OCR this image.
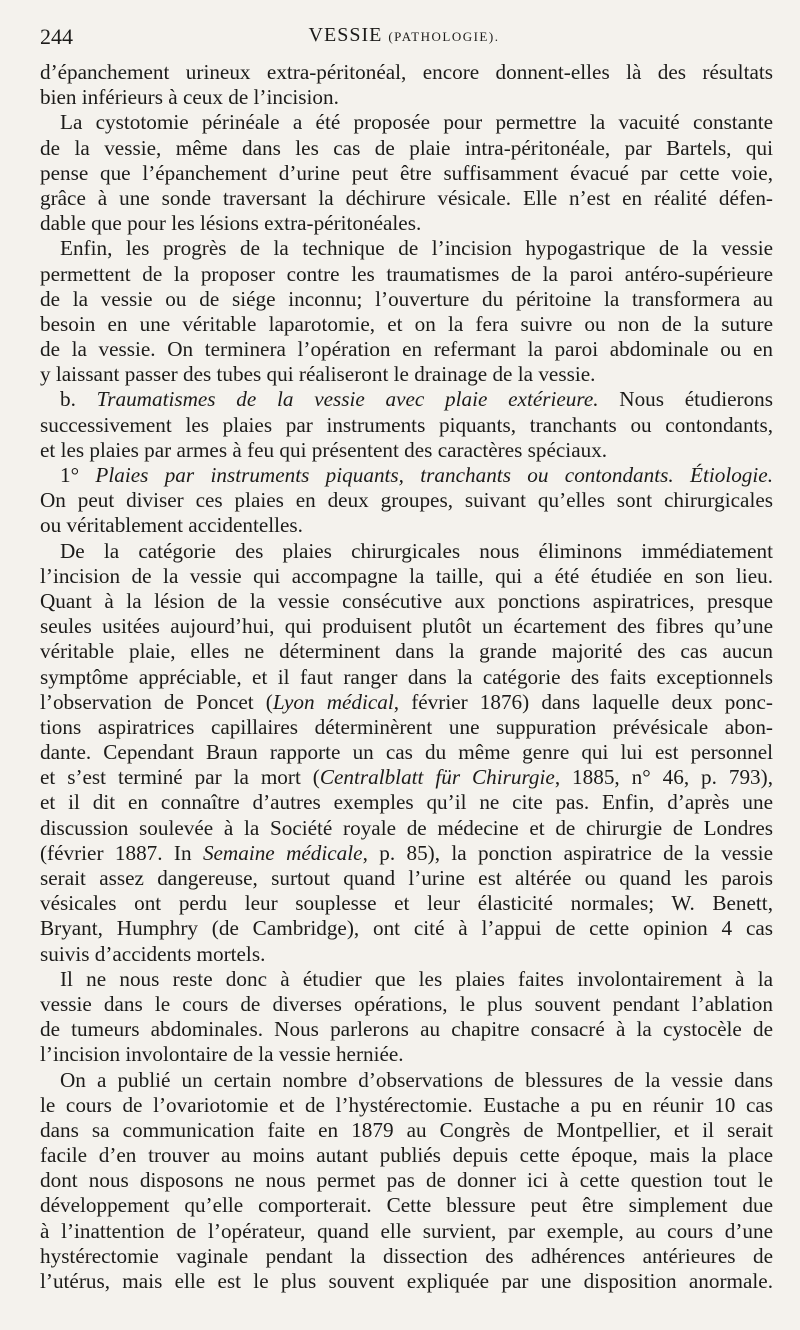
244	VESSIE (PATHOLOGIE).
d’épanchement urineux extra-péritonéal, encore donnent-elles là des résultats
bien inférieurs à ceux de l’incision.
La cystotomie périnéale a été proposée pour permettre la vacuité constante
de la vessie, même dans les cas de plaie intra-péritonéale, par Bartels, qui
pense que l’épanchement d’urine peut être suffisamment évacué par cette voie,
grâce à une sonde traversant la déchirure vésicale. Elle n’est en réalité défen-
dable que pour les lésions extra-péritonéales.
Enfin, les progrès de la technique de l’incision hypogastrique de la vessie
permettent de la proposer contre les traumatismes de la paroi antéro-supérieure
de la vessie ou de siége inconnu; l’ouverture du péritoine la transformera au
besoin en une véritable laparotomie, et on la fera suivre ou non de la suture
de la vessie. On terminera l’opération en refermant la paroi abdominale ou en
y laissant passer des tubes qui réaliseront le drainage de la vessie.
b. Traumatismes de la vessie avec plaie extérieure. Nous étudierons
successivement les plaies par instruments piquants, tranchants ou contondants,
et les plaies par armes à feu qui présentent des caractères spéciaux.
1° Plaies par instruments piquants, tranchants ou contondants. Étiologie.
On peut diviser ces plaies en deux groupes, suivant qu’elles sont chirurgicales
ou véritablement accidentelles.
De la catégorie des plaies chirurgicales nous éliminons immédiatement
l’incision de la vessie qui accompagne la taille, qui a été étudiée en son lieu.
Quant à la lésion de la vessie consécutive aux ponctions aspiratrices, presque
seules usitées aujourd’hui, qui produisent plutôt un écartement des fibres qu’une
véritable plaie, elles ne déterminent dans la grande majorité des cas aucun
symptôme appréciable, et il faut ranger dans la catégorie des faits exceptionnels
l’observation de Poncet (Lyon médical, février 1876) dans laquelle deux ponc-
tions aspiratrices capillaires déterminèrent une suppuration prévésicale abon-
dante. Cependant Braun rapporte un cas du même genre qui lui est personnel
et s’est terminé par la mort (Centralblatt für Chirurgie, 1885, n° 46, p. 793),
et il dit en connaître d’autres exemples qu’il ne cite pas. Enfin, d’après une
discussion soulevée à la Société royale de médecine et de chirurgie de Londres
(février 1887. In Semaine médicale, p. 85), la ponction aspiratrice de la vessie
serait assez dangereuse, surtout quand l’urine est altérée ou quand les parois
vésicales ont perdu leur souplesse et leur élasticité normales; W. Benett,
Bryant, Humphry (de Cambridge), ont cité à l’appui de cette opinion 4 cas
suivis d’accidents mortels.
Il ne nous reste donc à étudier que les plaies faites involontairement à la
vessie dans le cours de diverses opérations, le plus souvent pendant l’ablation
de tumeurs abdominales. Nous parlerons au chapitre consacré à la cystocèle de
l’incision involontaire de la vessie herniée.
On a publié un certain nombre d’observations de blessures de la vessie dans
le cours de l’ovariotomie et de l’hystérectomie. Eustache a pu en réunir 10 cas
dans sa communication faite en 1879 au Congrès de Montpellier, et il serait
facile d’en trouver au moins autant publiés depuis cette époque, mais la place
dont nous disposons ne nous permet pas de donner ici à cette question tout le
développement qu’elle comporterait. Cette blessure peut être simplement due
à l’inattention de l’opérateur, quand elle survient, par exemple, au cours d’une
hystérectomie vaginale pendant la dissection des adhérences antérieures de
l’utérus, mais elle est le plus souvent expliquée par une disposition anormale.
